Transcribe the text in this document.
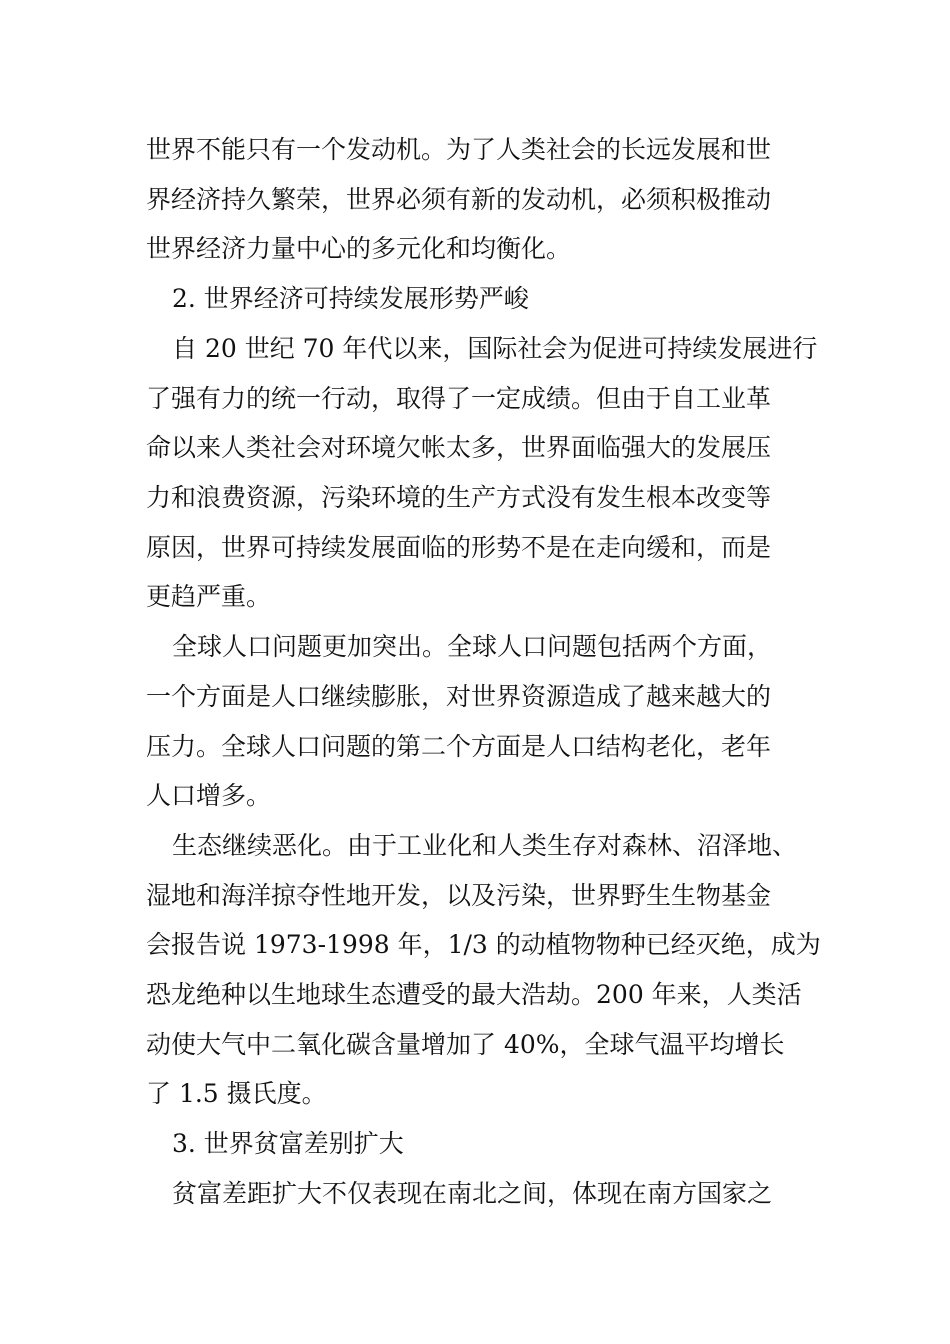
世界不能只有一个发动机。为了人类社会的长远发展和世

界经济持久繁荣，世界必须有新的发动机，必须积极推动

世界经济力量中心的多元化和均衡化。

2. 世界经济可持续发展形势严峻

自 20 世纪 70 年代以来，国际社会为促进可持续发展进行

了强有力的统一行动，取得了一定成绩。但由于自工业革

命以来人类社会对环境欠帐太多，世界面临强大的发展压

力和浪费资源，污染环境的生产方式没有发生根本改变等

原因，世界可持续发展面临的形势不是在走向缓和，而是

更趋严重。

全球人口问题更加突出。全球人口问题包括两个方面，

一个方面是人口继续膨胀，对世界资源造成了越来越大的

压力。全球人口问题的第二个方面是人口结构老化，老年

人口增多。

生态继续恶化。由于工业化和人类生存对森林、沼泽地、

湿地和海洋掠夺性地开发，以及污染，世界野生生物基金

会报告说 1973-1998 年，1/3 的动植物物种已经灭绝，成为

恐龙绝种以生地球生态遭受的最大浩劫。200 年来，人类活

动使大气中二氧化碳含量增加了 40%，全球气温平均增长

了 1.5 摄氏度。

3. 世界贫富差别扩大

贫富差距扩大不仅表现在南北之间，体现在南方国家之
